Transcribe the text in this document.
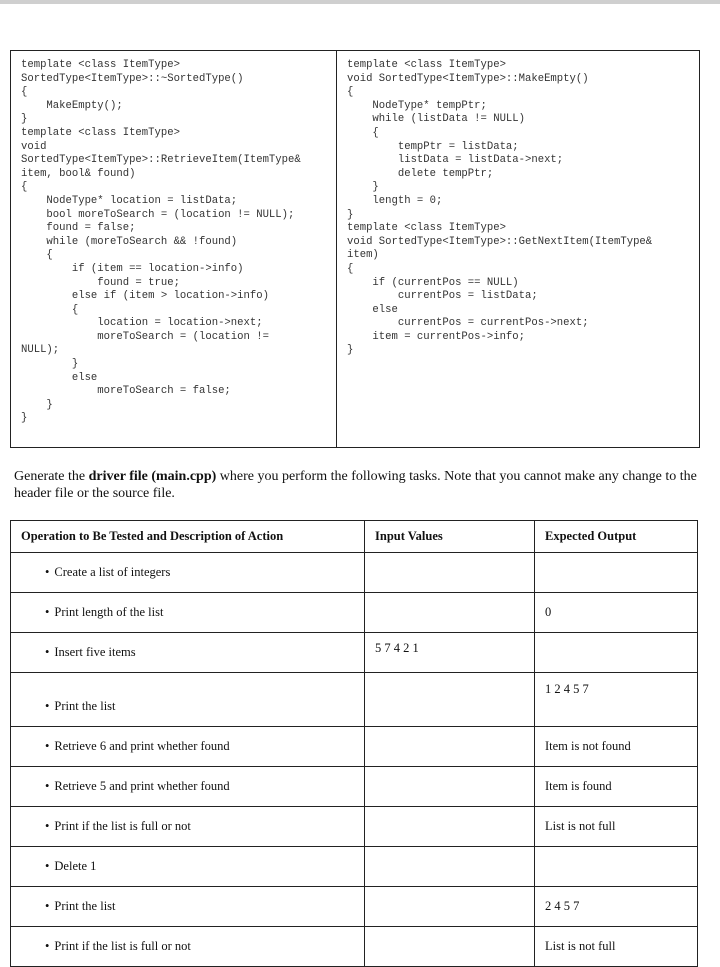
template <class ItemType>
SortedType<ItemType>::~SortedType()
{
MakeEmpty();
}
template <class ItemType>
void
SortedType<ItemType>::RetrieveItem(ItemType&
item, bool& found)
{
NodeType* location = listData;
bool moreToSearch = (location != NULL);
found = false;
while (moreToSearch && !found)
{
if (item == location->info)
found = true;
else if (item > location->info)
{
location = location->next;
moreToSearch = (location !=
NULL);
}
else
moreToSearch = false;
}
}
template <class ItemType>
void SortedType<ItemType>::MakeEmpty()
{
NodeType* tempPtr;
while (listData != NULL)
{
tempPtr = listData;
listData = listData->next;
delete tempPtr;
}
length = 0;
}
template <class ItemType>
void SortedType<ItemType>::GetNextItem(ItemType&
item)
{
if (currentPos == NULL)
currentPos = listData;
else
currentPos = currentPos->next;
item = currentPos->info;
}
Generate the driver file (main.cpp) where you perform the following tasks. Note that you cannot make any change to the header file or the source file.
Operation to Be Tested and Description of Action	Input Values	Expected Output
• Create a list of integers		
• Print length of the list		0
• Insert five items	5 7 4 2 1	
• Print the list		1 2 4 5 7
• Retrieve 6 and print whether found		Item is not found
• Retrieve 5 and print whether found		Item is found
• Print if the list is full or not		List is not full
• Delete 1		
• Print the list		2 4 5 7
• Print if the list is full or not		List is not full
